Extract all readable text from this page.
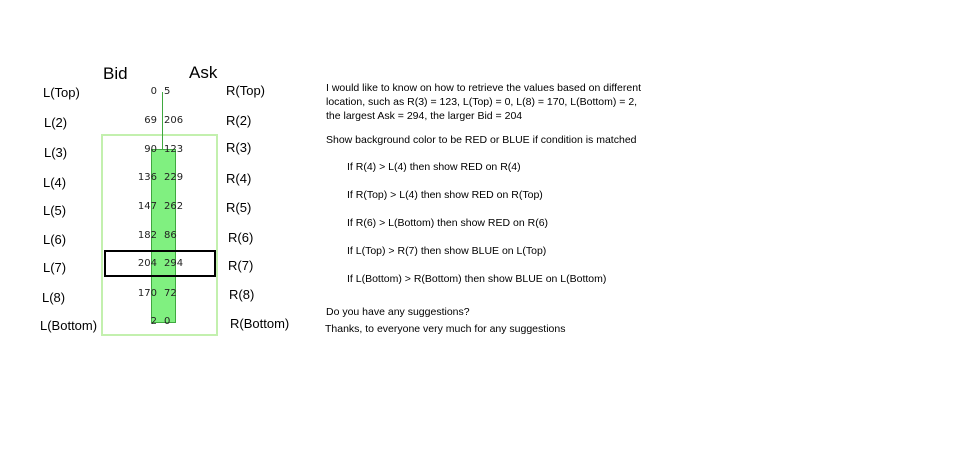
Bid	Ask
L(Top)	0 5	R(Top)
L(2)	69 206	R(2)
L(3)	90 123	R(3)
L(4)	136 229	R(4)
L(5)	147 262	R(5)
L(6)	182 86	R(6)
L(7)	204 294	R(7)
L(8)	170 72	R(8)
L(Bottom)	2 0	R(Bottom)
I would like to know on how to retrieve the values based on different
location, such as R(3) = 123, L(Top) = 0, L(8) = 170, L(Bottom) = 2,
the largest Ask = 294, the larger Bid = 204
Show background color to be RED or BLUE if condition is matched
If R(4) > L(4) then show RED on R(4)
If R(Top) > L(4) then show RED on R(Top)
If R(6) > L(Bottom) then show RED on R(6)
If L(Top) > R(7) then show BLUE on L(Top)
If L(Bottom) > R(Bottom) then show BLUE on L(Bottom)
Do you have any suggestions?
Thanks, to everyone very much for any suggestions
